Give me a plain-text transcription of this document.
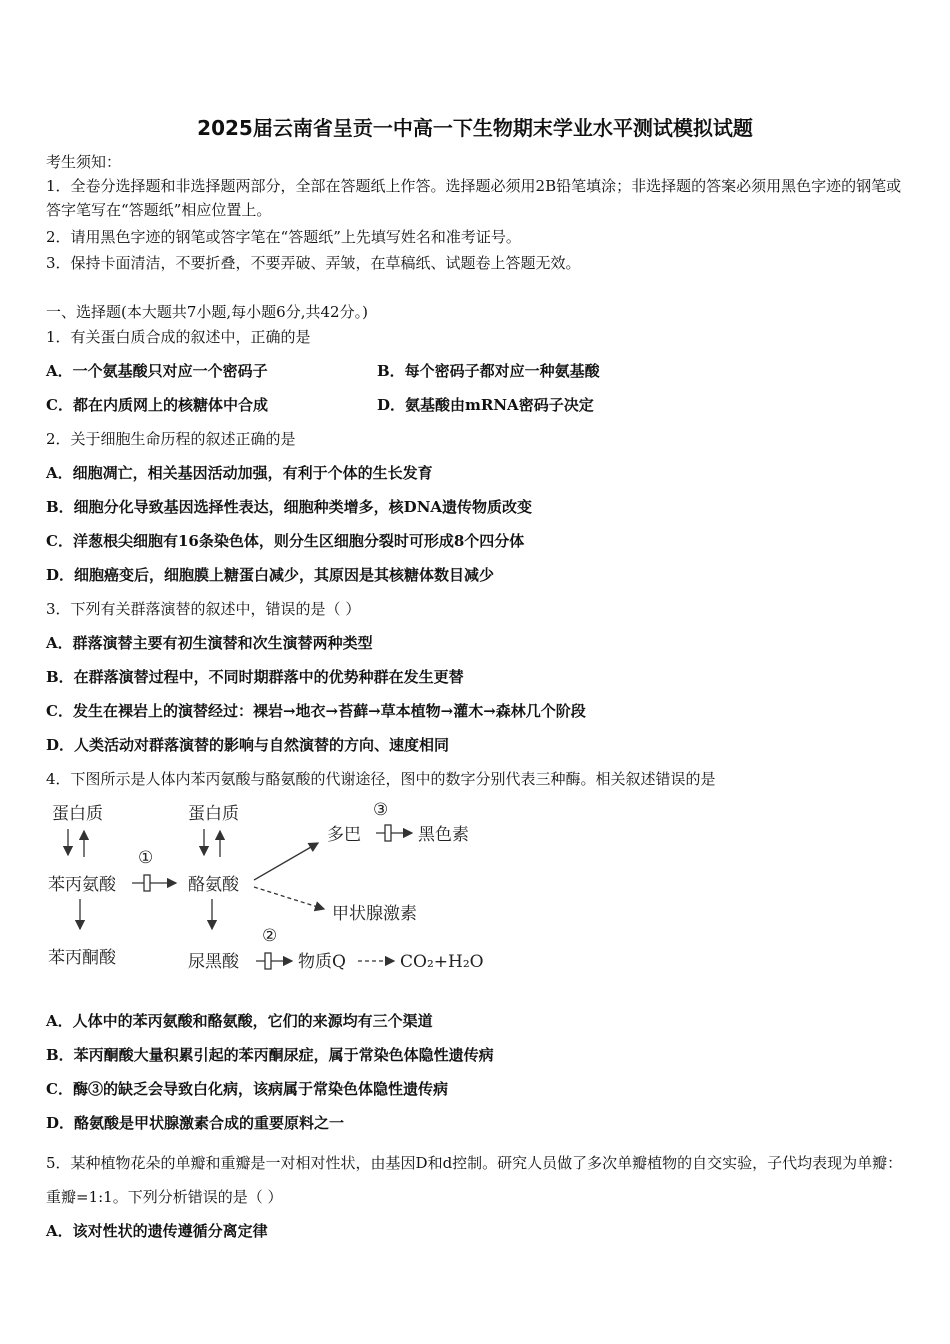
2025届云南省呈贡一中高一下生物期末学业水平测试模拟试题
考生须知：
1．全卷分选择题和非选择题两部分，全部在答题纸上作答。选择题必须用2B铅笔填涂；非选择题的答案必须用黑色字迹的钢笔或答字笔写在“答题纸”相应位置上。
2．请用黑色字迹的钢笔或答字笔在“答题纸”上先填写姓名和准考证号。
3．保持卡面清洁，不要折叠，不要弄破、弄皱，在草稿纸、试题卷上答题无效。
一、选择题(本大题共7小题,每小题6分,共42分。)
1．有关蛋白质合成的叙述中，正确的是
A．一个氨基酸只对应一个密码子	B．每个密码子都对应一种氨基酸
C．都在内质网上的核糖体中合成	D．氨基酸由mRNA密码子决定
2．关于细胞生命历程的叙述正确的是
A．细胞凋亡，相关基因活动加强，有利于个体的生长发育
B．细胞分化导致基因选择性表达，细胞种类增多，核DNA遗传物质改变
C．洋葱根尖细胞有16条染色体，则分生区细胞分裂时可形成8个四分体
D．细胞癌变后，细胞膜上糖蛋白减少，其原因是其核糖体数目减少
3．下列有关群落演替的叙述中，错误的是（ ）
A．群落演替主要有初生演替和次生演替两种类型
B．在群落演替过程中，不同时期群落中的优势种群在发生更替
C．发生在裸岩上的演替经过：裸岩→地衣→苔藓→草本植物→灌木→森林几个阶段
D．人类活动对群落演替的影响与自然演替的方向、速度相同
4．下图所示是人体内苯丙氨酸与酪氨酸的代谢途径，图中的数字分别代表三种酶。相关叙述错误的是
蛋白质	蛋白质
苯丙氨酸	酪氨酸
苯丙酮酸	尿黑酸
多巴	黑色素
甲状腺激素
物质Q	CO₂+H₂O
①
②
③
A．人体中的苯丙氨酸和酪氨酸，它们的来源均有三个渠道
B．苯丙酮酸大量积累引起的苯丙酮尿症，属于常染色体隐性遗传病
C．酶③的缺乏会导致白化病，该病属于常染色体隐性遗传病
D．酪氨酸是甲状腺激素合成的重要原料之一
5．某种植物花朵的单瓣和重瓣是一对相对性状，由基因D和d控制。研究人员做了多次单瓣植物的自交实验，子代均表现为单瓣：重瓣=1:1。下列分析错误的是（ ）
A．该对性状的遗传遵循分离定律
